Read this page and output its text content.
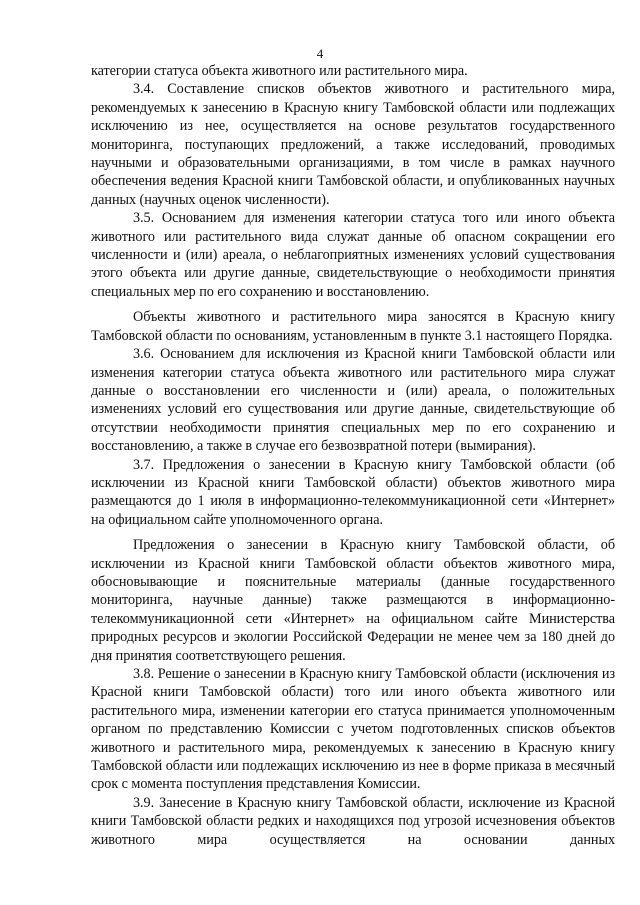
4

категории статуса объекта животного или растительного мира.

3.4. Составление списков объектов животного и растительного мира, рекомендуемых к занесению в Красную книгу Тамбовской области или подлежащих исключению из нее, осуществляется на основе результатов государственного мониторинга, поступающих предложений, а также исследований, проводимых научными и образовательными организациями, в том числе в рамках научного обеспечения ведения Красной книги Тамбовской области, и опубликованных научных данных (научных оценок численности).

3.5. Основанием для изменения категории статуса того или иного объекта животного или растительного вида служат данные об опасном сокращении его численности и (или) ареала, о неблагоприятных изменениях условий существования этого объекта или другие данные, свидетельствующие о необходимости принятия специальных мер по его сохранению и восстановлению.

Объекты животного и растительного мира заносятся в Красную книгу Тамбовской области по основаниям, установленным в пункте 3.1 настоящего Порядка.

3.6. Основанием для исключения из Красной книги Тамбовской области или изменения категории статуса объекта животного или растительного мира служат данные о восстановлении его численности и (или) ареала, о положительных изменениях условий его существования или другие данные, свидетельствующие об отсутствии необходимости принятия специальных мер по его сохранению и восстановлению, а также в случае его безвозвратной потери (вымирания).

3.7. Предложения о занесении в Красную книгу Тамбовской области (об исключении из Красной книги Тамбовской области) объектов животного мира размещаются до 1 июля в информационно-телекоммуникационной сети «Интернет» на официальном сайте уполномоченного органа.

Предложения о занесении в Красную книгу Тамбовской области, об исключении из Красной книги Тамбовской области объектов животного мира, обосновывающие и пояснительные материалы (данные государственного мониторинга, научные данные) также размещаются в информационно-телекоммуникационной сети «Интернет» на официальном сайте Министерства природных ресурсов и экологии Российской Федерации не менее чем за 180 дней до дня принятия соответствующего решения.

3.8. Решение о занесении в Красную книгу Тамбовской области (исключения из Красной книги Тамбовской области) того или иного объекта животного или растительного мира, изменении категории его статуса принимается уполномоченным органом по представлению Комиссии с учетом подготовленных списков объектов животного и растительного мира, рекомендуемых к занесению в Красную книгу Тамбовской области или подлежащих исключению из нее в форме приказа в месячный срок с момента поступления представления Комиссии.

3.9. Занесение в Красную книгу Тамбовской области, исключение из Красной книги Тамбовской области редких и находящихся под угрозой исчезновения объектов животного мира осуществляется на основании данных
